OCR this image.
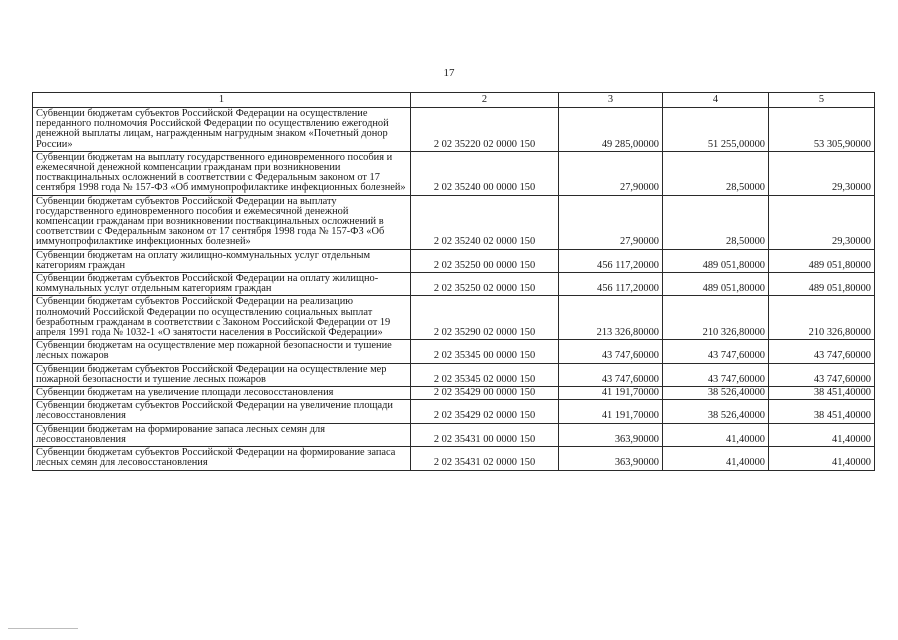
17
1	2	3	4	5
Субвенции бюджетам субъектов Российской Федерации на осуществление переданного полномочия Российской Федерации по осуществлению ежегодной денежной выплаты лицам, награжденным нагрудным знаком «Почетный донор России»	2 02 35220 02 0000 150	49 285,00000	51 255,00000	53 305,90000
Субвенции бюджетам на выплату государственного единовременного пособия и ежемесячной денежной компенсации гражданам при возникновении поствакцинальных осложнений в соответствии с Федеральным законом от 17 сентября 1998 года № 157-ФЗ «Об иммунопрофилактике инфекционных болезней»	2 02 35240 00 0000 150	27,90000	28,50000	29,30000
Субвенции бюджетам субъектов Российской Федерации на выплату государственного единовременного пособия и ежемесячной денежной компенсации гражданам при возникновении поствакцинальных осложнений в соответствии с Федеральным законом от 17 сентября 1998 года № 157-ФЗ «Об иммунопрофилактике инфекционных болезней»	2 02 35240 02 0000 150	27,90000	28,50000	29,30000
Субвенции бюджетам на оплату жилищно-коммунальных услуг отдельным категориям граждан	2 02 35250 00 0000 150	456 117,20000	489 051,80000	489 051,80000
Субвенции бюджетам субъектов Российской Федерации на оплату жилищно-коммунальных услуг отдельным категориям граждан	2 02 35250 02 0000 150	456 117,20000	489 051,80000	489 051,80000
Субвенции бюджетам субъектов Российской Федерации на реализацию полномочий Российской Федерации по осуществлению социальных выплат безработным гражданам в соответствии с Законом Российской Федерации от 19 апреля 1991 года № 1032-1 «О занятости населения в Российской Федерации»	2 02 35290 02 0000 150	213 326,80000	210 326,80000	210 326,80000
Субвенции бюджетам на осуществление мер пожарной безопасности и тушение лесных пожаров	2 02 35345 00 0000 150	43 747,60000	43 747,60000	43 747,60000
Субвенции бюджетам субъектов Российской Федерации на осуществление мер пожарной безопасности и тушение лесных пожаров	2 02 35345 02 0000 150	43 747,60000	43 747,60000	43 747,60000
Субвенции бюджетам на увеличение площади лесовосстановления	2 02 35429 00 0000 150	41 191,70000	38 526,40000	38 451,40000
Субвенции бюджетам субъектов Российской Федерации на увеличение площади лесовосстановления	2 02 35429 02 0000 150	41 191,70000	38 526,40000	38 451,40000
Субвенции бюджетам на формирование запаса лесных семян для лесовосстановления	2 02 35431 00 0000 150	363,90000	41,40000	41,40000
Субвенции бюджетам субъектов Российской Федерации на формирование запаса лесных семян для лесовосстановления	2 02 35431 02 0000 150	363,90000	41,40000	41,40000
